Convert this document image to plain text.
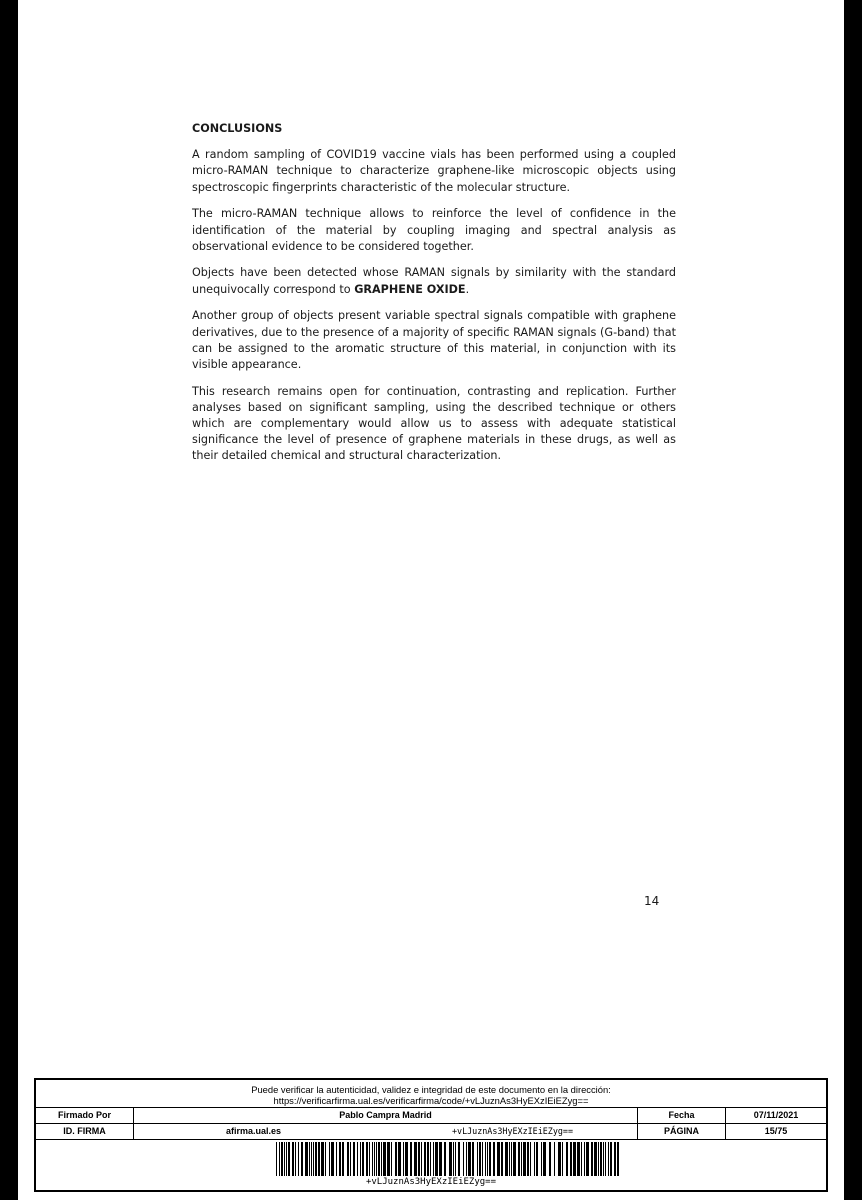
CONCLUSIONS

A random sampling of COVID19 vaccine vials has been performed using a coupled micro-RAMAN technique to characterize graphene-like microscopic objects using spectroscopic fingerprints characteristic of the molecular structure.

The micro-RAMAN technique allows to reinforce the level of confidence in the identification of the material by coupling imaging and spectral analysis as observational evidence to be considered together.

Objects have been detected whose RAMAN signals by similarity with the standard unequivocally correspond to GRAPHENE OXIDE.

Another group of objects present variable spectral signals compatible with graphene derivatives, due to the presence of a majority of specific RAMAN signals (G-band) that can be assigned to the aromatic structure of this material, in conjunction with its visible appearance.

This research remains open for continuation, contrasting and replication. Further analyses based on significant sampling, using the described technique or others which are complementary would allow us to assess with adequate statistical significance the level of presence of graphene materials in these drugs, as well as their detailed chemical and structural characterization.

14
Puede verificar la autenticidad, validez e integridad de este documento en la dirección:
https://verificarfirma.ual.es/verificarfirma/code/+vLJuznAs3HyEXzIEiEZyg==
Firmado Por	Pablo Campra Madrid	Fecha	07/11/2021
ID. FIRMA	afirma.ual.es	+vLJuznAs3HyEXzIEiEZyg==	PÁGINA	15/75
+vLJuznAs3HyEXzIEiEZyg==
